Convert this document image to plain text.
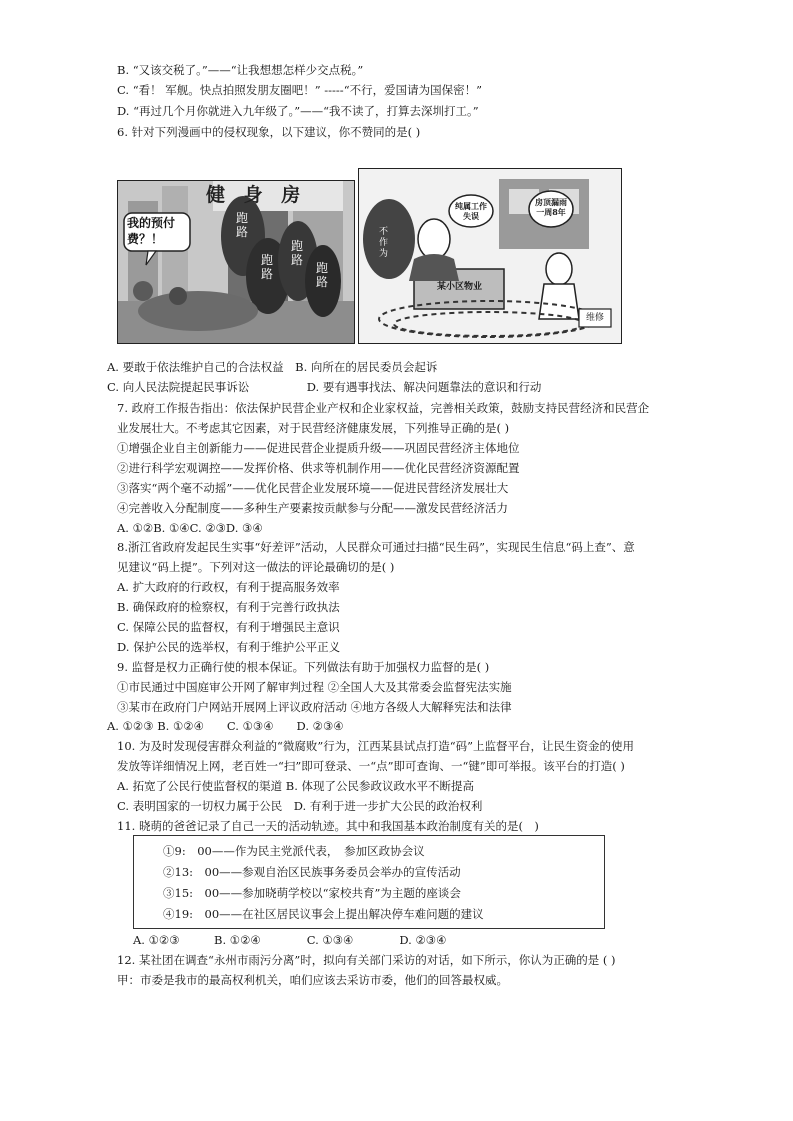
B. “又该交税了。”——“让我想想怎样少交点税。”
C. “看！ 军舰。快点拍照发朋友圈吧！” -----“不行，爱国请为国保密！”
D. “再过几个月你就进入九年级了。”——“我不读了，打算去深圳打工。”
6. 针对下列漫画中的侵权现象，以下建议，你不赞同的是( )
健 身 房
我的预付费？！
跑路
跑路
跑路
跑路
纯属工作失误
房顶漏雨一周8年
不作为
某小区物业
维修
A. 要敢于依法维护自己的合法权益　B. 向所在的居民委员会起诉
C. 向人民法院提起民事诉讼　　　　　D. 要有遇事找法、解决问题靠法的意识和行动
7. 政府工作报告指出：依法保护民营企业产权和企业家权益，完善相关政策，鼓励支持民营经济和民营企
业发展壮大。不考虑其它因素，对于民营经济健康发展，下列推导正确的是( )
①增强企业自主创新能力——促进民营企业提质升级——巩固民营经济主体地位
②进行科学宏观调控——发挥价格、供求等机制作用——优化民营经济资源配置
③落实“两个毫不动摇”——优化民营企业发展环境——促进民营经济发展壮大
④完善收入分配制度——多种生产要素按贡献参与分配——激发民营经济活力
A. ①②B. ①④C. ②③D. ③④
8.浙江省政府发起民生实事“好差评”活动，人民群众可通过扫描“民生码”，实现民生信息“码上查”、意
见建议“码上提”。下列对这一做法的评论最确切的是( )
A. 扩大政府的行政权，有利于提高服务效率
B. 确保政府的检察权，有利于完善行政执法
C. 保障公民的监督权，有利于增强民主意识
D. 保护公民的选举权，有利于维护公平正义
9. 监督是权力正确行使的根本保证。下列做法有助于加强权力监督的是( )
①市民通过中国庭审公开网了解审判过程 ②全国人大及其常委会监督宪法实施
③某市在政府门户网站开展网上评议政府活动 ④地方各级人大解释宪法和法律
A. ①②③ B. ①②④　　C. ①③④　　D. ②③④
10. 为及时发现侵害群众利益的“微腐败”行为，江西某县试点打造“码”上监督平台，让民生资金的使用
发放等详细情况上网，老百姓一“扫”即可登录、一“点”即可查询、一“键”即可举报。该平台的打造( )
A. 拓宽了公民行使监督权的渠道 B. 体现了公民参政议政水平不断提高
C. 表明国家的一切权力属于公民　D. 有利于进一步扩大公民的政治权利
11. 晓萌的爸爸记录了自己一天的活动轨迹。其中和我国基本政治制度有关的是(　)
①9:　00——作为民主党派代表，　参加区政协会议
②13:　00——参观自治区民族事务委员会举办的宣传活动
③15:　00——参加晓萌学校以“家校共育”为主题的座谈会
④19:　00——在社区居民议事会上提出解决停车难问题的建议
A. ①②③　　　B. ①②④　　　　C. ①③④　　　　D. ②③④
12. 某社团在调查“永州市雨污分离”时，拟向有关部门采访的对话，如下所示，你认为正确的是 ( )
甲：市委是我市的最高权利机关，咱们应该去采访市委，他们的回答最权威。
